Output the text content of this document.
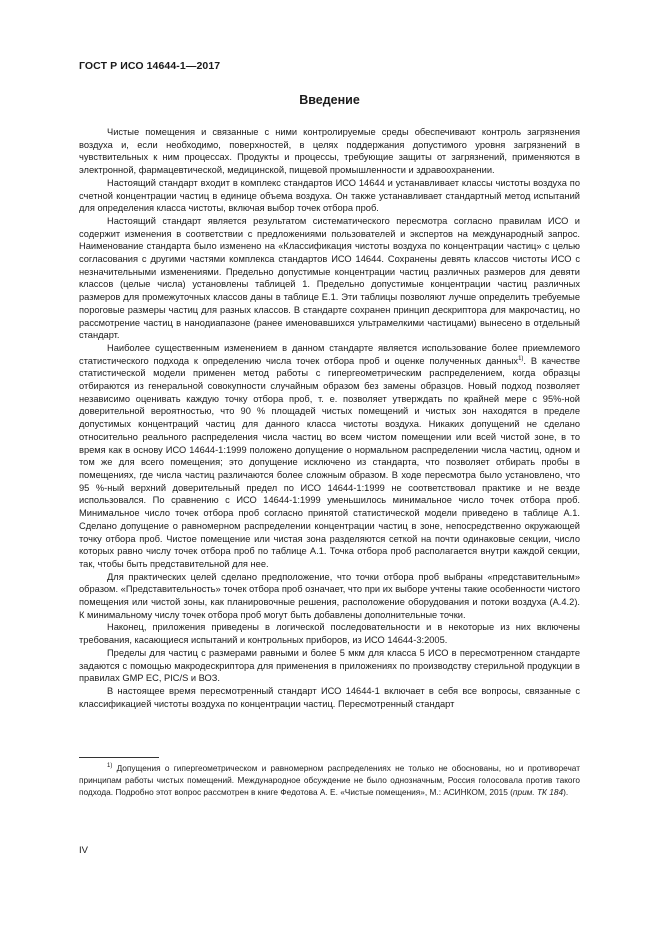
ГОСТ Р ИСО 14644-1—2017
Введение

Чистые помещения и связанные с ними контролируемые среды обеспечивают контроль загрязнения воздуха и, если необходимо, поверхностей, в целях поддержания допустимого уровня загрязнений в чувствительных к ним процессах. Продукты и процессы, требующие защиты от загрязнений, применяются в электронной, фармацевтической, медицинской, пищевой промышленности и здравоохранении.

Настоящий стандарт входит в комплекс стандартов ИСО 14644 и устанавливает классы чистоты воздуха по счетной концентрации частиц в единице объема воздуха. Он также устанавливает стандартный метод испытаний для определения класса чистоты, включая выбор точек отбора проб.

Настоящий стандарт является результатом систематического пересмотра согласно правилам ИСО и содержит изменения в соответствии с предложениями пользователей и экспертов на международный запрос. Наименование стандарта было изменено на «Классификация чистоты воздуха по концентрации частиц» с целью согласования с другими частями комплекса стандартов ИСО 14644. Сохранены девять классов чистоты ИСО с незначительными изменениями. Предельно допустимые концентрации частиц различных размеров для девяти классов (целые числа) установлены таблицей 1. Предельно допустимые концентрации частиц различных размеров для промежуточных классов даны в таблице Е.1. Эти таблицы позволяют лучше определить требуемые пороговые размеры частиц для разных классов. В стандарте сохранен принцип дескриптора для макрочастиц, но рассмотрение частиц в нанодиапазоне (ранее именовавшихся ультрамелкими частицами) вынесено в отдельный стандарт.

Наиболее существенным изменением в данном стандарте является использование более приемлемого статистического подхода к определению числа точек отбора проб и оценке полученных данных$^{1)}$. В качестве статистической модели применен метод работы с гипергеометрическим распределением, когда образцы отбираются из генеральной совокупности случайным образом без замены образцов. Новый подход позволяет независимо оценивать каждую точку отбора проб, т. е. позволяет утверждать по крайней мере с 95%-ной доверительной вероятностью, что 90 % площадей чистых помещений и чистых зон находятся в пределе допустимых концентраций частиц для данного класса чистоты воздуха. Никаких допущений не сделано относительно реального распределения числа частиц во всем чистом помещении или всей чистой зоне, в то время как в основу ИСО 14644-1:1999 положено допущение о нормальном распределении числа частиц, одном и том же для всего помещения; это допущение исключено из стандарта, что позволяет отбирать пробы в помещениях, где числа частиц различаются более сложным образом. В ходе пересмотра было установлено, что 95 %-ный верхний доверительный предел по ИСО 14644-1:1999 не соответствовал практике и не везде использовался. По сравнению с ИСО 14644-1:1999 уменьшилось минимальное число точек отбора проб. Минимальное число точек отбора проб согласно принятой статистической модели приведено в таблице А.1. Сделано допущение о равномерном распределении концентрации частиц в зоне, непосредственно окружающей точку отбора проб. Чистое помещение или чистая зона разделяются сеткой на почти одинаковые секции, число которых равно числу точек отбора проб по таблице А.1. Точка отбора проб располагается внутри каждой секции, так, чтобы быть представительной для нее.

Для практических целей сделано предположение, что точки отбора проб выбраны «представительным» образом. «Представительность» точек отбора проб означает, что при их выборе учтены такие особенности чистого помещения или чистой зоны, как планировочные решения, расположение оборудования и потоки воздуха (А.4.2). К минимальному числу точек отбора проб могут быть добавлены дополнительные точки.

Наконец, приложения приведены в логической последовательности и в некоторые из них включены требования, касающиеся испытаний и контрольных приборов, из ИСО 14644-3:2005.

Пределы для частиц с размерами равными и более 5 мкм для класса 5 ИСО в пересмотренном стандарте задаются с помощью макродескриптора для применения в приложениях по производству стерильной продукции в правилах GMP ЕС, PIC/S и ВОЗ.

В настоящее время пересмотренный стандарт ИСО 14644-1 включает в себя все вопросы, связанные с классификацией чистоты воздуха по концентрации частиц. Пересмотренный стандарт

$^{1)}$ Допущения о гипергеометрическом и равномерном распределениях не только не обоснованы, но и противоречат принципам работы чистых помещений. Международное обсуждение не было однозначным, Россия голосовала против такого подхода. Подробно этот вопрос рассмотрен в книге Федотова А. Е. «Чистые помещения», М.: АСИНКОМ, 2015 (прим. ТК 184).

IV
